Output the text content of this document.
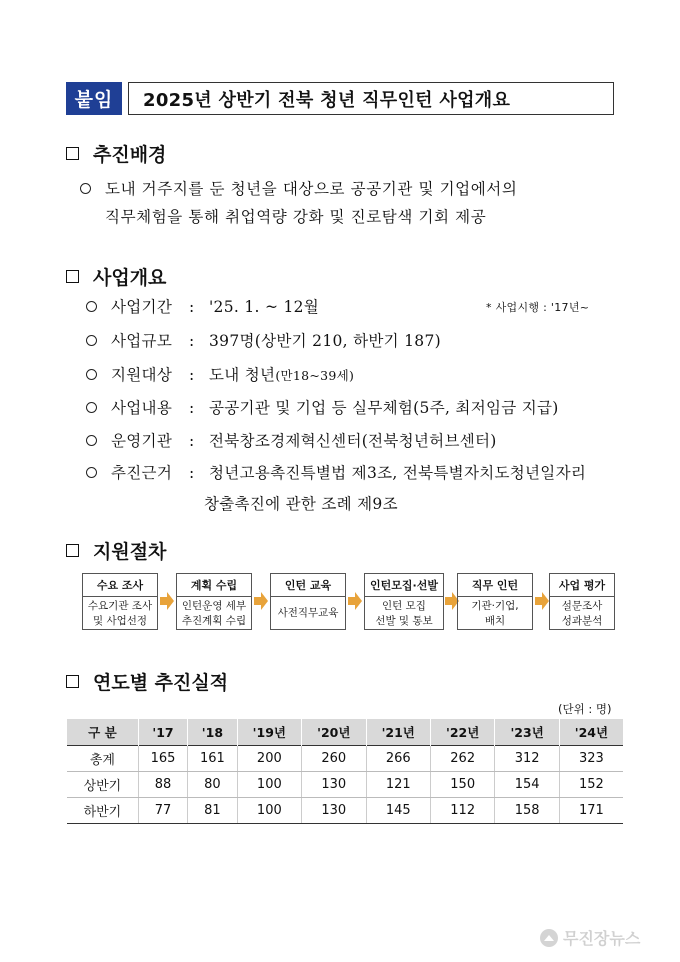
붙임	2025년 상반기 전북 청년 직무인턴 사업개요
추진배경
도내 거주지를 둔 청년을 대상으로 공공기관 및 기업에서의
직무체험을 통해 취업역량 강화 및 진로탐색 기회 제공
사업개요
* 사업시행 : '17년~
사업기간 : '25. 1. ~ 12월
사업규모 : 397명(상반기 210, 하반기 187)
지원대상 : 도내 청년(만18~39세)
사업내용 : 공공기관 및 기업 등 실무체험(5주, 최저임금 지급)
운영기관 : 전북창조경제혁신센터(전북청년허브센터)
추진근거 : 청년고용촉진특별법 제3조, 전북특별자치도청년일자리
창출촉진에 관한 조례 제9조
지원절차
수요 조사
수요기관 조사
및 사업선정
계획 수립
인턴운영 세부
추진계획 수립
인턴 교육
사전직무교육
인턴모집·선발
인턴 모집
선발 및 통보
직무 인턴
기관·기업,
배치
사업 평가
설문조사
성과분석
연도별 추진실적
(단위 : 명)
구 분	'17	'18	'19년	'20년	'21년	'22년	'23년	'24년
총계	165	161	200	260	266	262	312	323
상반기	88	80	100	130	121	150	154	152
하반기	77	81	100	130	145	112	158	171
무진장뉴스
